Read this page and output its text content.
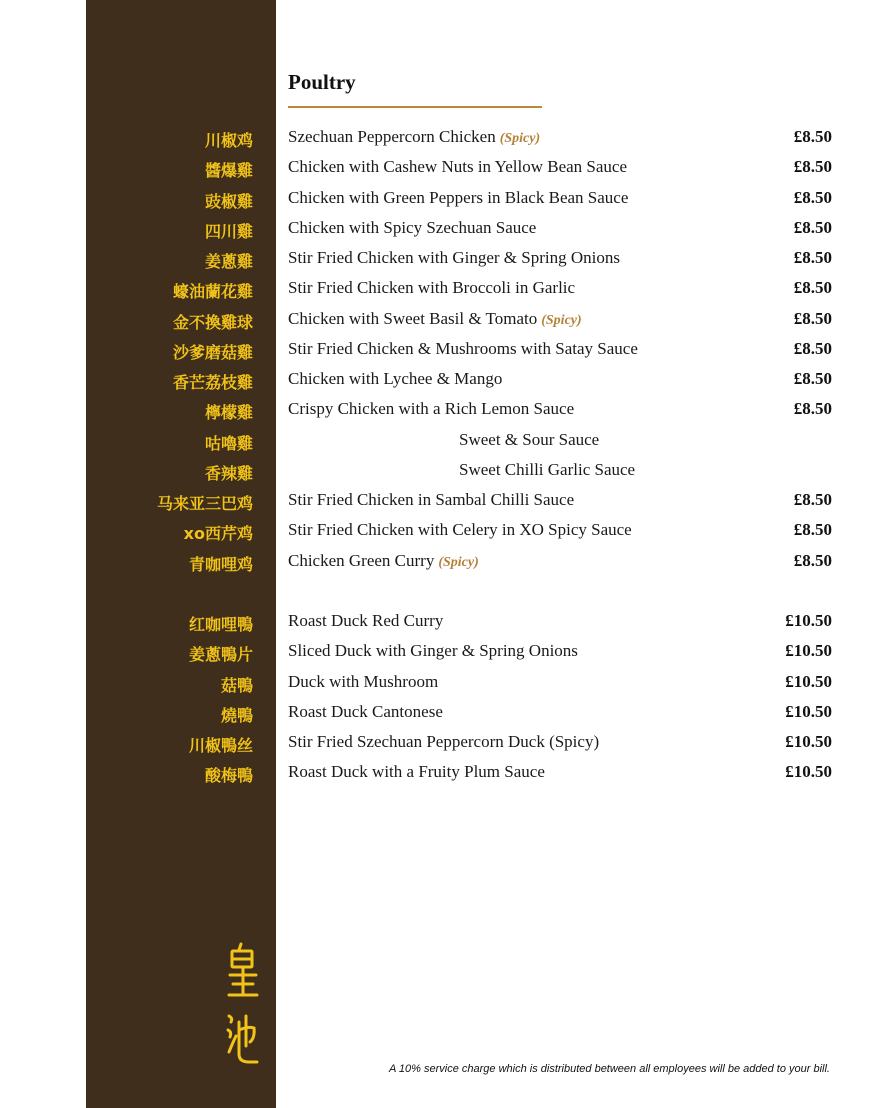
Poultry
川椒鸡 Szechuan Peppercorn Chicken (Spicy)	£8.50
醬爆雞 Chicken with Cashew Nuts in Yellow Bean Sauce	£8.50
豉椒雞 Chicken with Green Peppers in Black Bean Sauce	£8.50
四川雞 Chicken with Spicy Szechuan Sauce	£8.50
姜蔥雞 Stir Fried Chicken with Ginger & Spring Onions	£8.50
蠔油蘭花雞 Stir Fried Chicken with Broccoli in Garlic	£8.50
金不換雞球 Chicken with Sweet Basil & Tomato (Spicy)	£8.50
沙爹磨菇雞 Stir Fried Chicken & Mushrooms with Satay Sauce	£8.50
香芒荔枝雞 Chicken with Lychee & Mango	£8.50
檸檬雞 Crispy Chicken with a Rich Lemon Sauce	£8.50
咕嚕雞	Sweet & Sour Sauce
香辣雞	Sweet Chilli Garlic Sauce
马来亚三巴鸡 Stir Fried Chicken in Sambal Chilli Sauce	£8.50
xo西芹鸡 Stir Fried Chicken with Celery in XO Spicy Sauce	£8.50
青咖哩鸡 Chicken Green Curry (Spicy)	£8.50
红咖哩鴨 Roast Duck Red Curry	£10.50
姜蔥鴨片 Sliced Duck with Ginger & Spring Onions	£10.50
菇鴨 Duck with Mushroom	£10.50
燒鴨 Roast Duck Cantonese	£10.50
川椒鴨丝 Stir Fried Szechuan Peppercorn Duck (Spicy)	£10.50
酸梅鴨 Roast Duck with a Fruity Plum Sauce	£10.50
A 10% service charge which is distributed between all employees will be added to your bill.
